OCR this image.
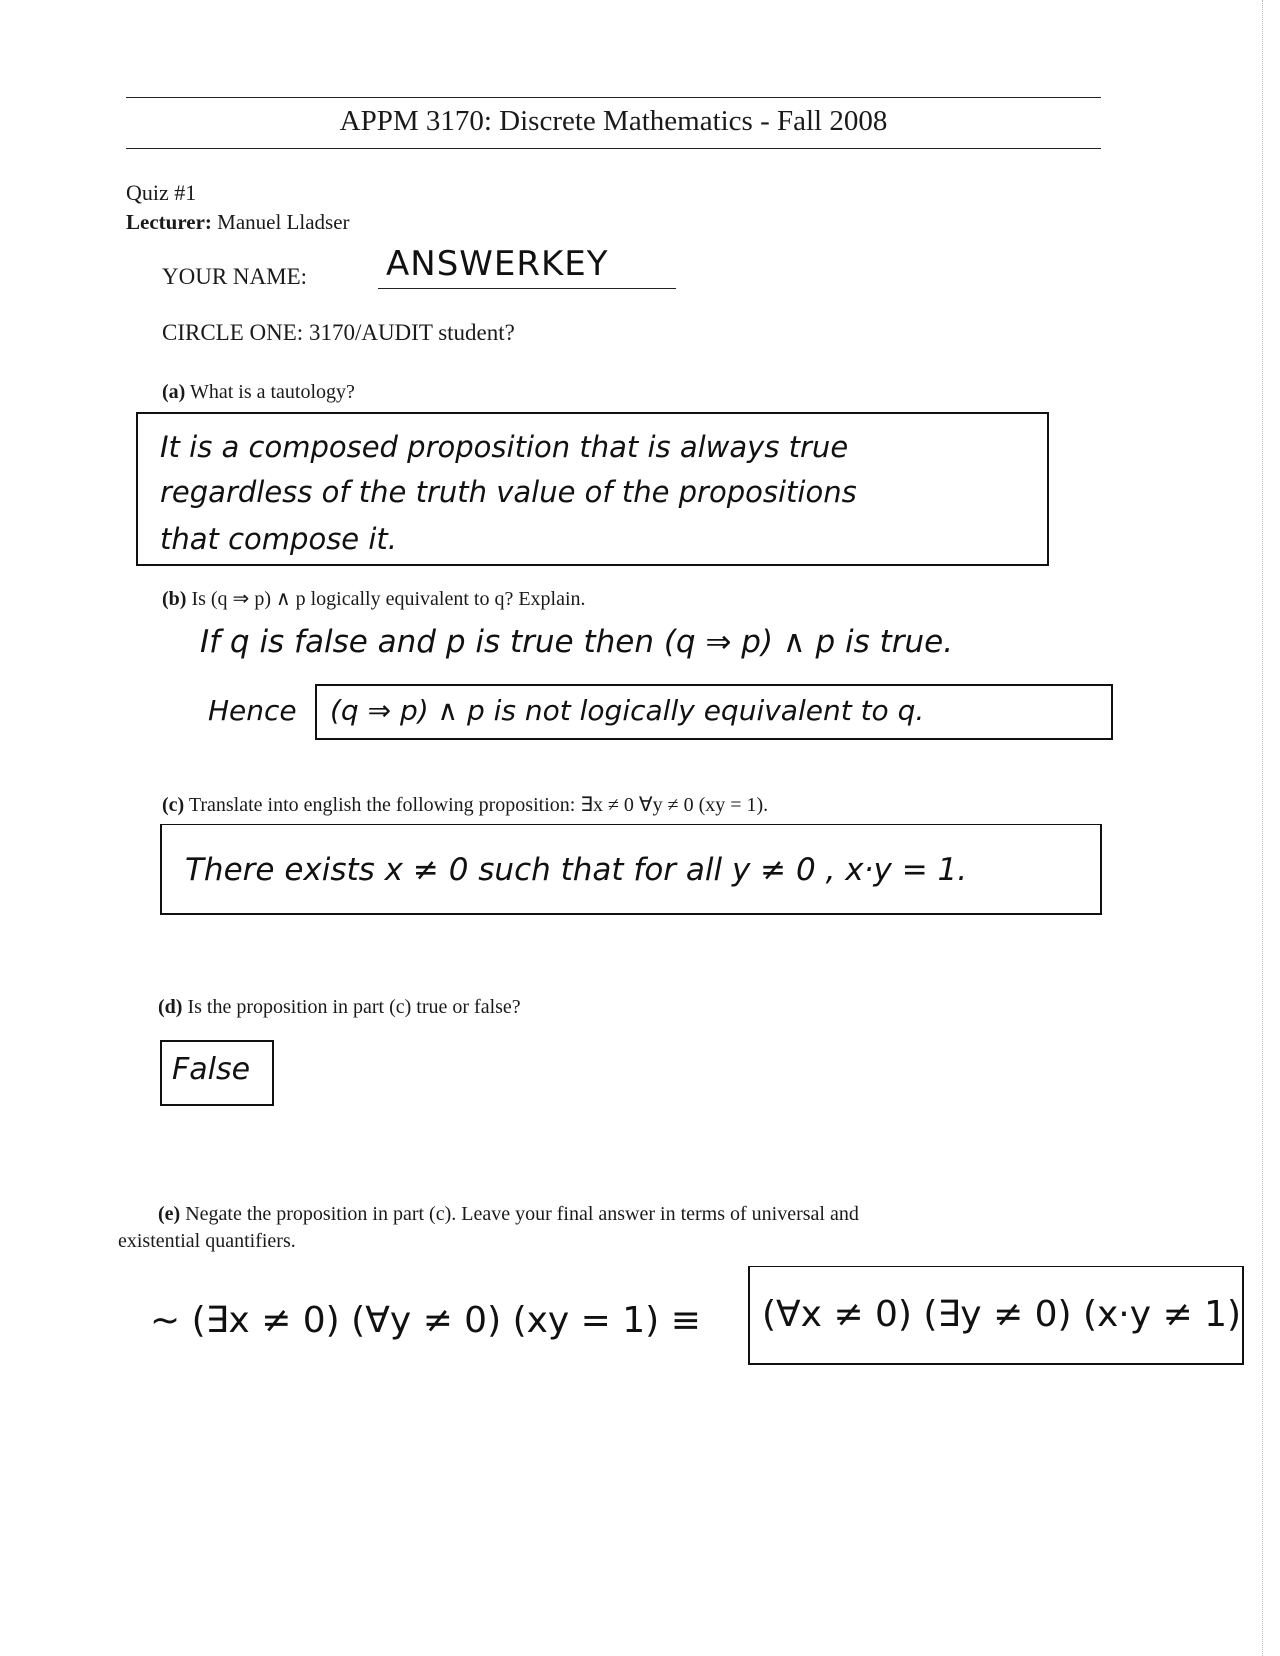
APPM 3170: Discrete Mathematics - Fall 2008
Quiz #1
Lecturer: Manuel Lladser
YOUR NAME: ANSWERKEY
CIRCLE ONE: 3170/AUDIT student?
(a) What is a tautology?
It is a composed proposition that is always true
regardless of the truth value of the propositions
that compose it.
(b) Is (q ⇒ p) ∧ p logically equivalent to q? Explain.
If q is false and p is true then (q ⇒ p) ∧ p is true.
Hence (q ⇒ p) ∧ p is not logically equivalent to q.
(c) Translate into english the following proposition: ∃x ≠ 0 ∀y ≠ 0 (xy = 1).
There exists x ≠ 0 such that for all y ≠ 0 , x·y = 1.
(d) Is the proposition in part (c) true or false?
False
(e) Negate the proposition in part (c). Leave your final answer in terms of universal and
existential quantifiers.
~ (∃x ≠ 0) (∀y ≠ 0) (xy = 1) ≡ (∀x ≠ 0) (∃y ≠ 0) (x·y ≠ 1)
